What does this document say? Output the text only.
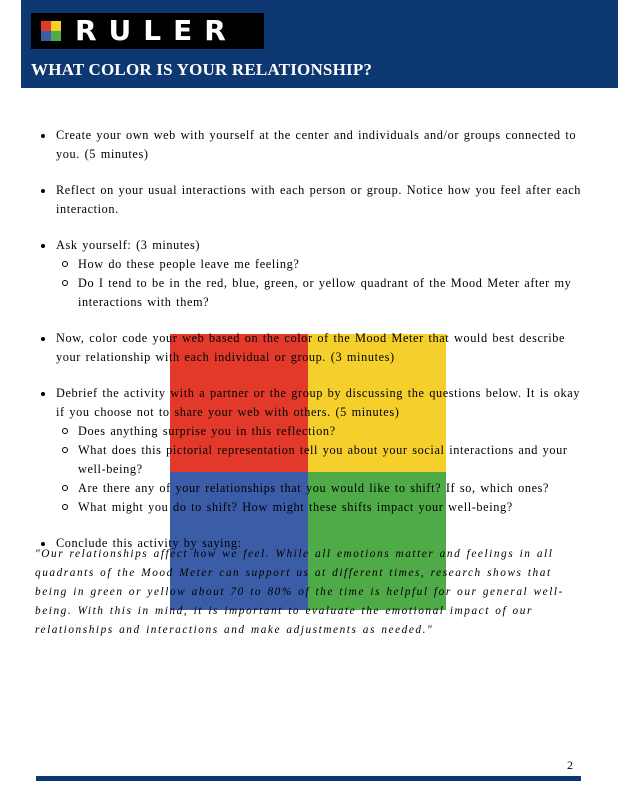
RULER
WHAT COLOR IS YOUR RELATIONSHIP?
Create your own web with yourself at the center and individuals and/or groups connected to you. (5 minutes)
Reflect on your usual interactions with each person or group. Notice how you feel after each interaction.
Ask yourself: (3 minutes)
How do these people leave me feeling?
Do I tend to be in the red, blue, green, or yellow quadrant of the Mood Meter after my interactions with them?
Now, color code your web based on the color of the Mood Meter that would best describe your relationship with each individual or group. (3 minutes)
Debrief the activity with a partner or the group by discussing the questions below. It is okay if you choose not to share your web with others. (5 minutes)
Does anything surprise you in this reflection?
What does this pictorial representation tell you about your social interactions and your well-being?
Are there any of your relationships that you would like to shift? If so, which ones?
What might you do to shift? How might these shifts impact your well-being?
Conclude this activity by saying:
"Our relationships affect how we feel. While all emotions matter and feelings in all quadrants of the Mood Meter can support us at different times, research shows that being in green or yellow about 70 to 80% of the time is helpful for our general well-being. With this in mind, it is important to evaluate the emotional impact of our relationships and interactions and make adjustments as needed."
2
